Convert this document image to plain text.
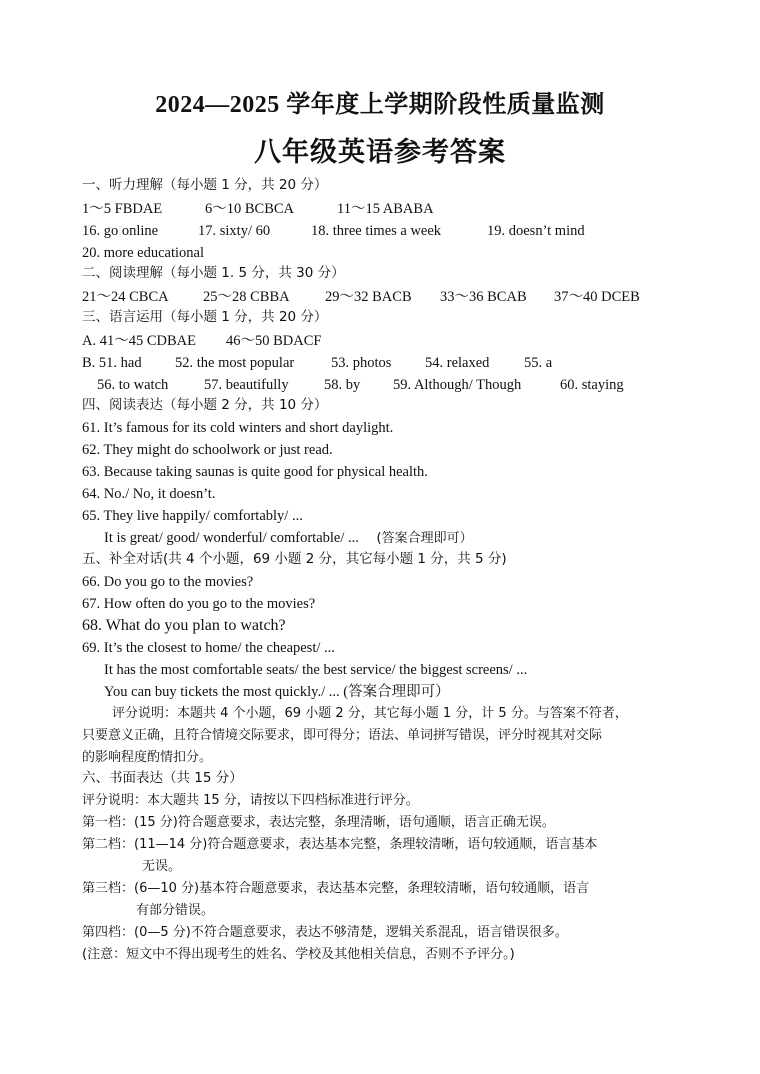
2024—2025 学年度上学期阶段性质量监测
八年级英语参考答案
一、听力理解（每小题 1 分，共 20 分）
1～5 FBDAE	6～10 BCBCA	11～15 ABABA
16. go online	17. sixty/ 60	18. three times a week	19. doesn’t mind
20. more educational
二、阅读理解（每小题 1. 5 分，共 30 分）
21～24 CBCA 25～28 CBBA 29～32 BACB 33～36 BCAB 37～40 DCEB
三、语言运用（每小题 1 分，共 20 分）
A. 41～45 CDBAE 46～50 BDACF
B. 51. had 52. the most popular	53. photos 54. relaxed 55. a
56. to watch 57. beautifully 58. by 59. Although/ Though	60. staying
四、阅读表达（每小题 2 分，共 10 分）
61. It’s famous for its cold winters and short daylight.
62. They might do schoolwork or just read.
63. Because taking saunas is quite good for physical health.
64. No./ No, it doesn’t.
65. They live happily/ comfortably/ ...
It is great/ good/ wonderful/ comfortable/ ... (答案合理即可）
五、补全对话(共 4 个小题，69 小题 2 分，其它每小题 1 分，共 5 分)
66. Do you go to the movies?
67. How often do you go to the movies?
68. What do you plan to watch?
69. It’s the closest to home/ the cheapest/ ...
It has the most comfortable seats/ the best service/ the biggest screens/ ...
You can buy tickets the most quickly./ ... (答案合理即可）
评分说明：本题共 4 个小题，69 小题 2 分，其它每小题 1 分，计 5 分。与答案不符者，
只要意义正确，且符合情境交际要求，即可得分；语法、单词拼写错误，评分时视其对交际
的影响程度酌情扣分。
六、书面表达（共 15 分）
评分说明：本大题共 15 分，请按以下四档标准进行评分。
第一档：(15 分)符合题意要求，表达完整，条理清晰，语句通顺，语言正确无误。
第二档：(11—14 分)符合题意要求，表达基本完整，条理较清晰，语句较通顺，语言基本
无误。
第三档：(6—10 分)基本符合题意要求，表达基本完整，条理较清晰，语句较通顺，语言
有部分错误。
第四档：(0—5 分)不符合题意要求，表达不够清楚，逻辑关系混乱，语言错误很多。
(注意：短文中不得出现考生的姓名、学校及其他相关信息，否则不予评分。)
